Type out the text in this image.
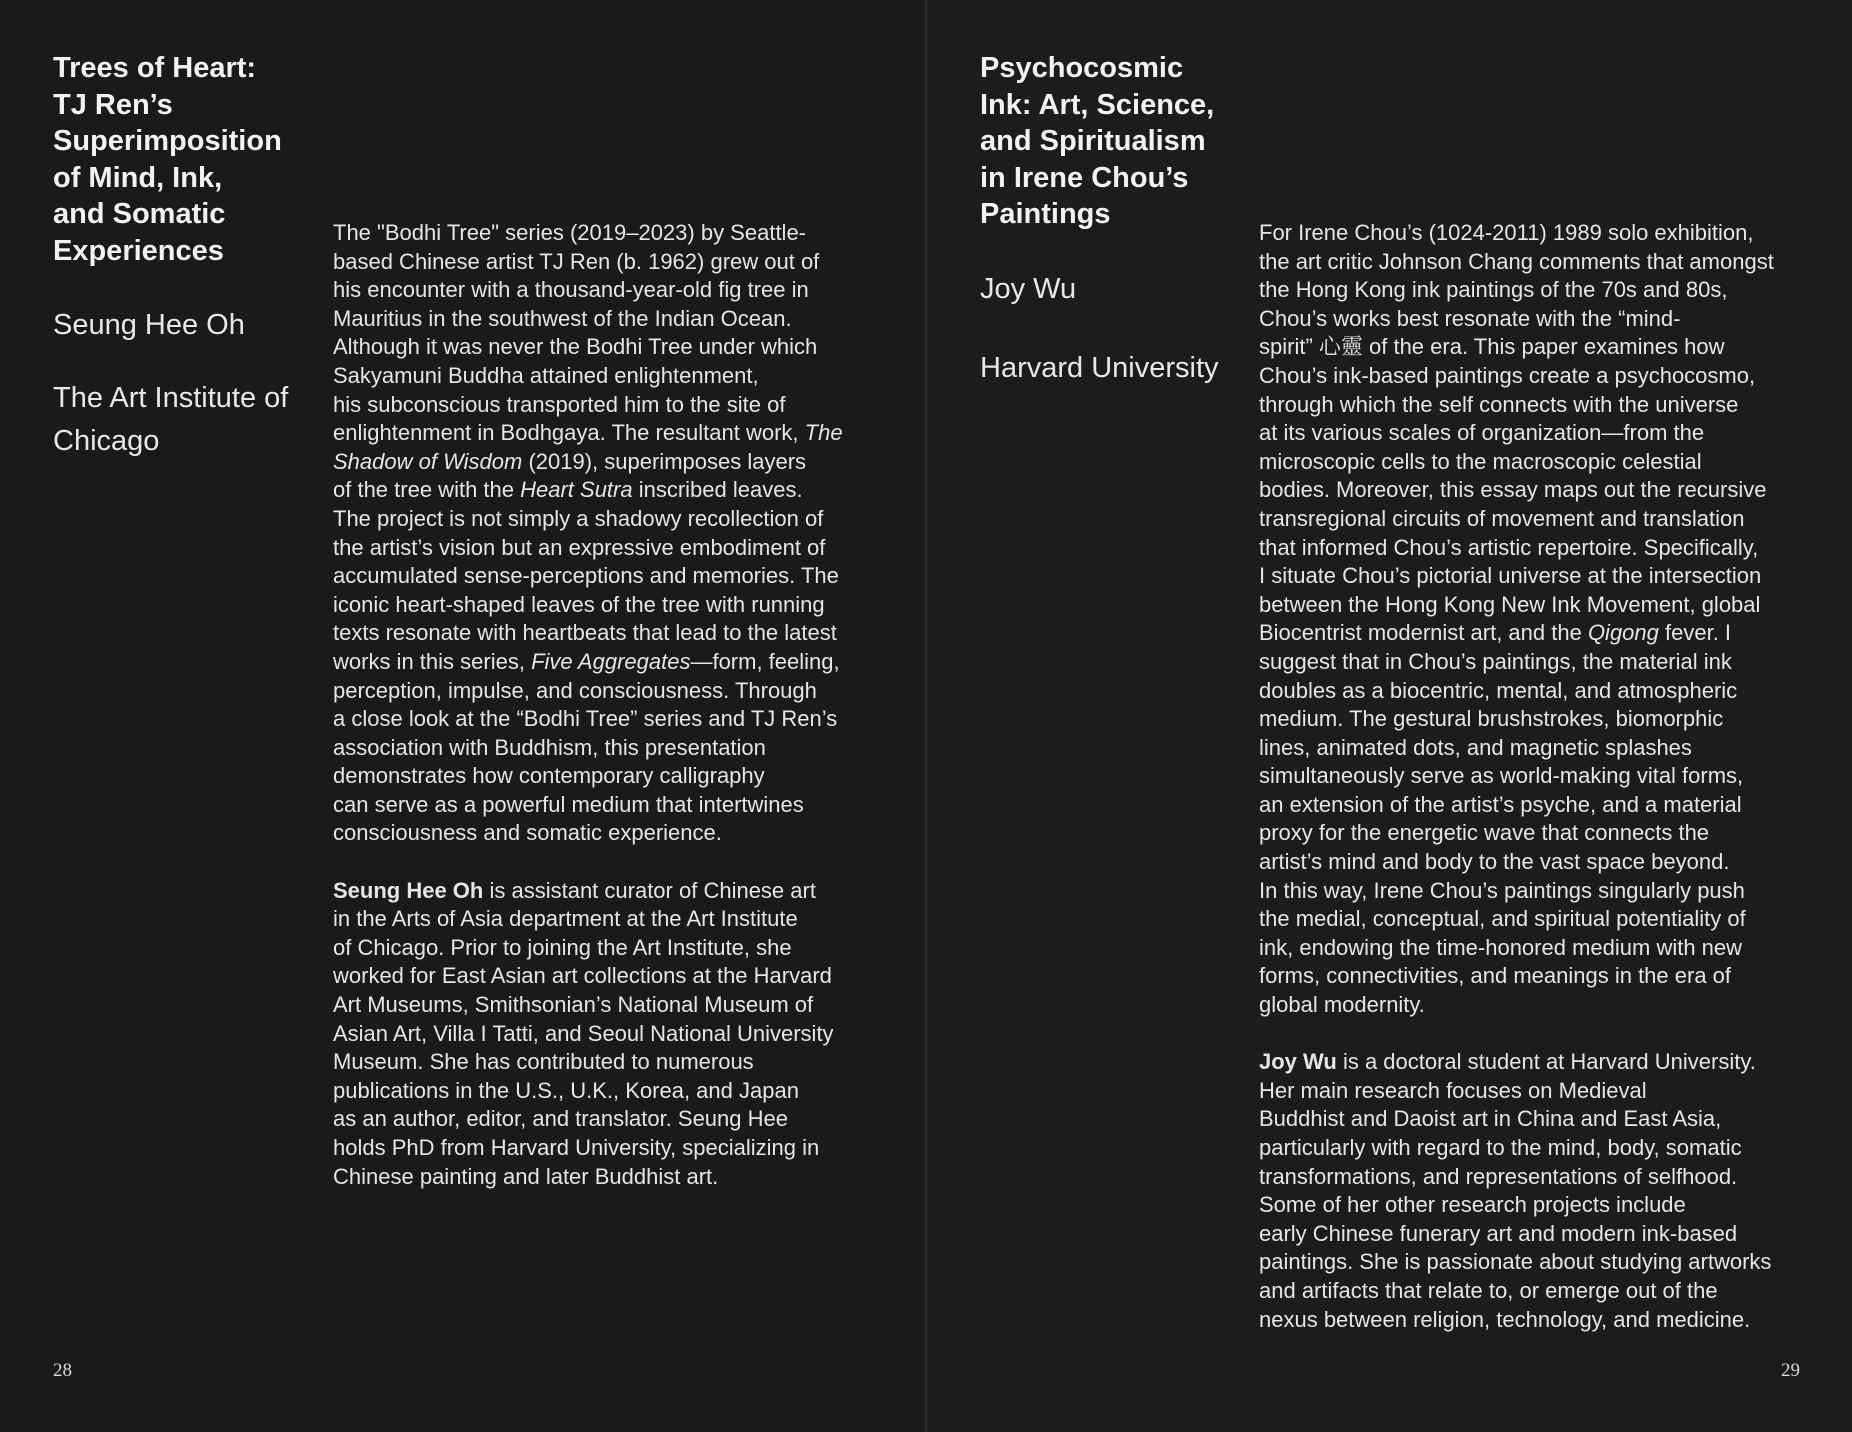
Trees of Heart:
TJ Ren’s
Superimposition
of Mind, Ink,
and Somatic
Experiences
Seung Hee Oh
The Art Institute of Chicago

The "Bodhi Tree" series (2019–2023) by Seattle-
based Chinese artist TJ Ren (b. 1962) grew out of
his encounter with a thousand-year-old fig tree in
Mauritius in the southwest of the Indian Ocean.
Although it was never the Bodhi Tree under which
Sakyamuni Buddha attained enlightenment,
his subconscious transported him to the site of
enlightenment in Bodhgaya. The resultant work, The
Shadow of Wisdom (2019), superimposes layers
of the tree with the Heart Sutra inscribed leaves.
The project is not simply a shadowy recollection of
the artist’s vision but an expressive embodiment of
accumulated sense-perceptions and memories. The
iconic heart-shaped leaves of the tree with running
texts resonate with heartbeats that lead to the latest
works in this series, Five Aggregates—form, feeling,
perception, impulse, and consciousness. Through
a close look at the “Bodhi Tree” series and TJ Ren’s
association with Buddhism, this presentation
demonstrates how contemporary calligraphy
can serve as a powerful medium that intertwines
consciousness and somatic experience.

Seung Hee Oh is assistant curator of Chinese art
in the Arts of Asia department at the Art Institute
of Chicago. Prior to joining the Art Institute, she
worked for East Asian art collections at the Harvard
Art Museums, Smithsonian’s National Museum of
Asian Art, Villa I Tatti, and Seoul National University
Museum. She has contributed to numerous
publications in the U.S., U.K., Korea, and Japan
as an author, editor, and translator. Seung Hee
holds PhD from Harvard University, specializing in
Chinese painting and later Buddhist art.

28
Psychocosmic
Ink: Art, Science,
and Spiritualism
in Irene Chou’s
Paintings
Joy Wu
Harvard University

For Irene Chou’s (1024-2011) 1989 solo exhibition,
the art critic Johnson Chang comments that amongst
the Hong Kong ink paintings of the 70s and 80s,
Chou’s works best resonate with the “mind-
spirit” 心靈 of the era. This paper examines how
Chou’s ink-based paintings create a psychocosmo,
through which the self connects with the universe
at its various scales of organization—from the
microscopic cells to the macroscopic celestial
bodies. Moreover, this essay maps out the recursive
transregional circuits of movement and translation
that informed Chou’s artistic repertoire. Specifically,
I situate Chou’s pictorial universe at the intersection
between the Hong Kong New Ink Movement, global
Biocentrist modernist art, and the Qigong fever. I
suggest that in Chou’s paintings, the material ink
doubles as a biocentric, mental, and atmospheric
medium. The gestural brushstrokes, biomorphic
lines, animated dots, and magnetic splashes
simultaneously serve as world-making vital forms,
an extension of the artist’s psyche, and a material
proxy for the energetic wave that connects the
artist’s mind and body to the vast space beyond.
In this way, Irene Chou’s paintings singularly push
the medial, conceptual, and spiritual potentiality of
ink, endowing the time-honored medium with new
forms, connectivities, and meanings in the era of
global modernity.

Joy Wu is a doctoral student at Harvard University.
Her main research focuses on Medieval
Buddhist and Daoist art in China and East Asia,
particularly with regard to the mind, body, somatic
transformations, and representations of selfhood.
Some of her other research projects include
early Chinese funerary art and modern ink-based
paintings. She is passionate about studying artworks
and artifacts that relate to, or emerge out of the
nexus between religion, technology, and medicine.

29
